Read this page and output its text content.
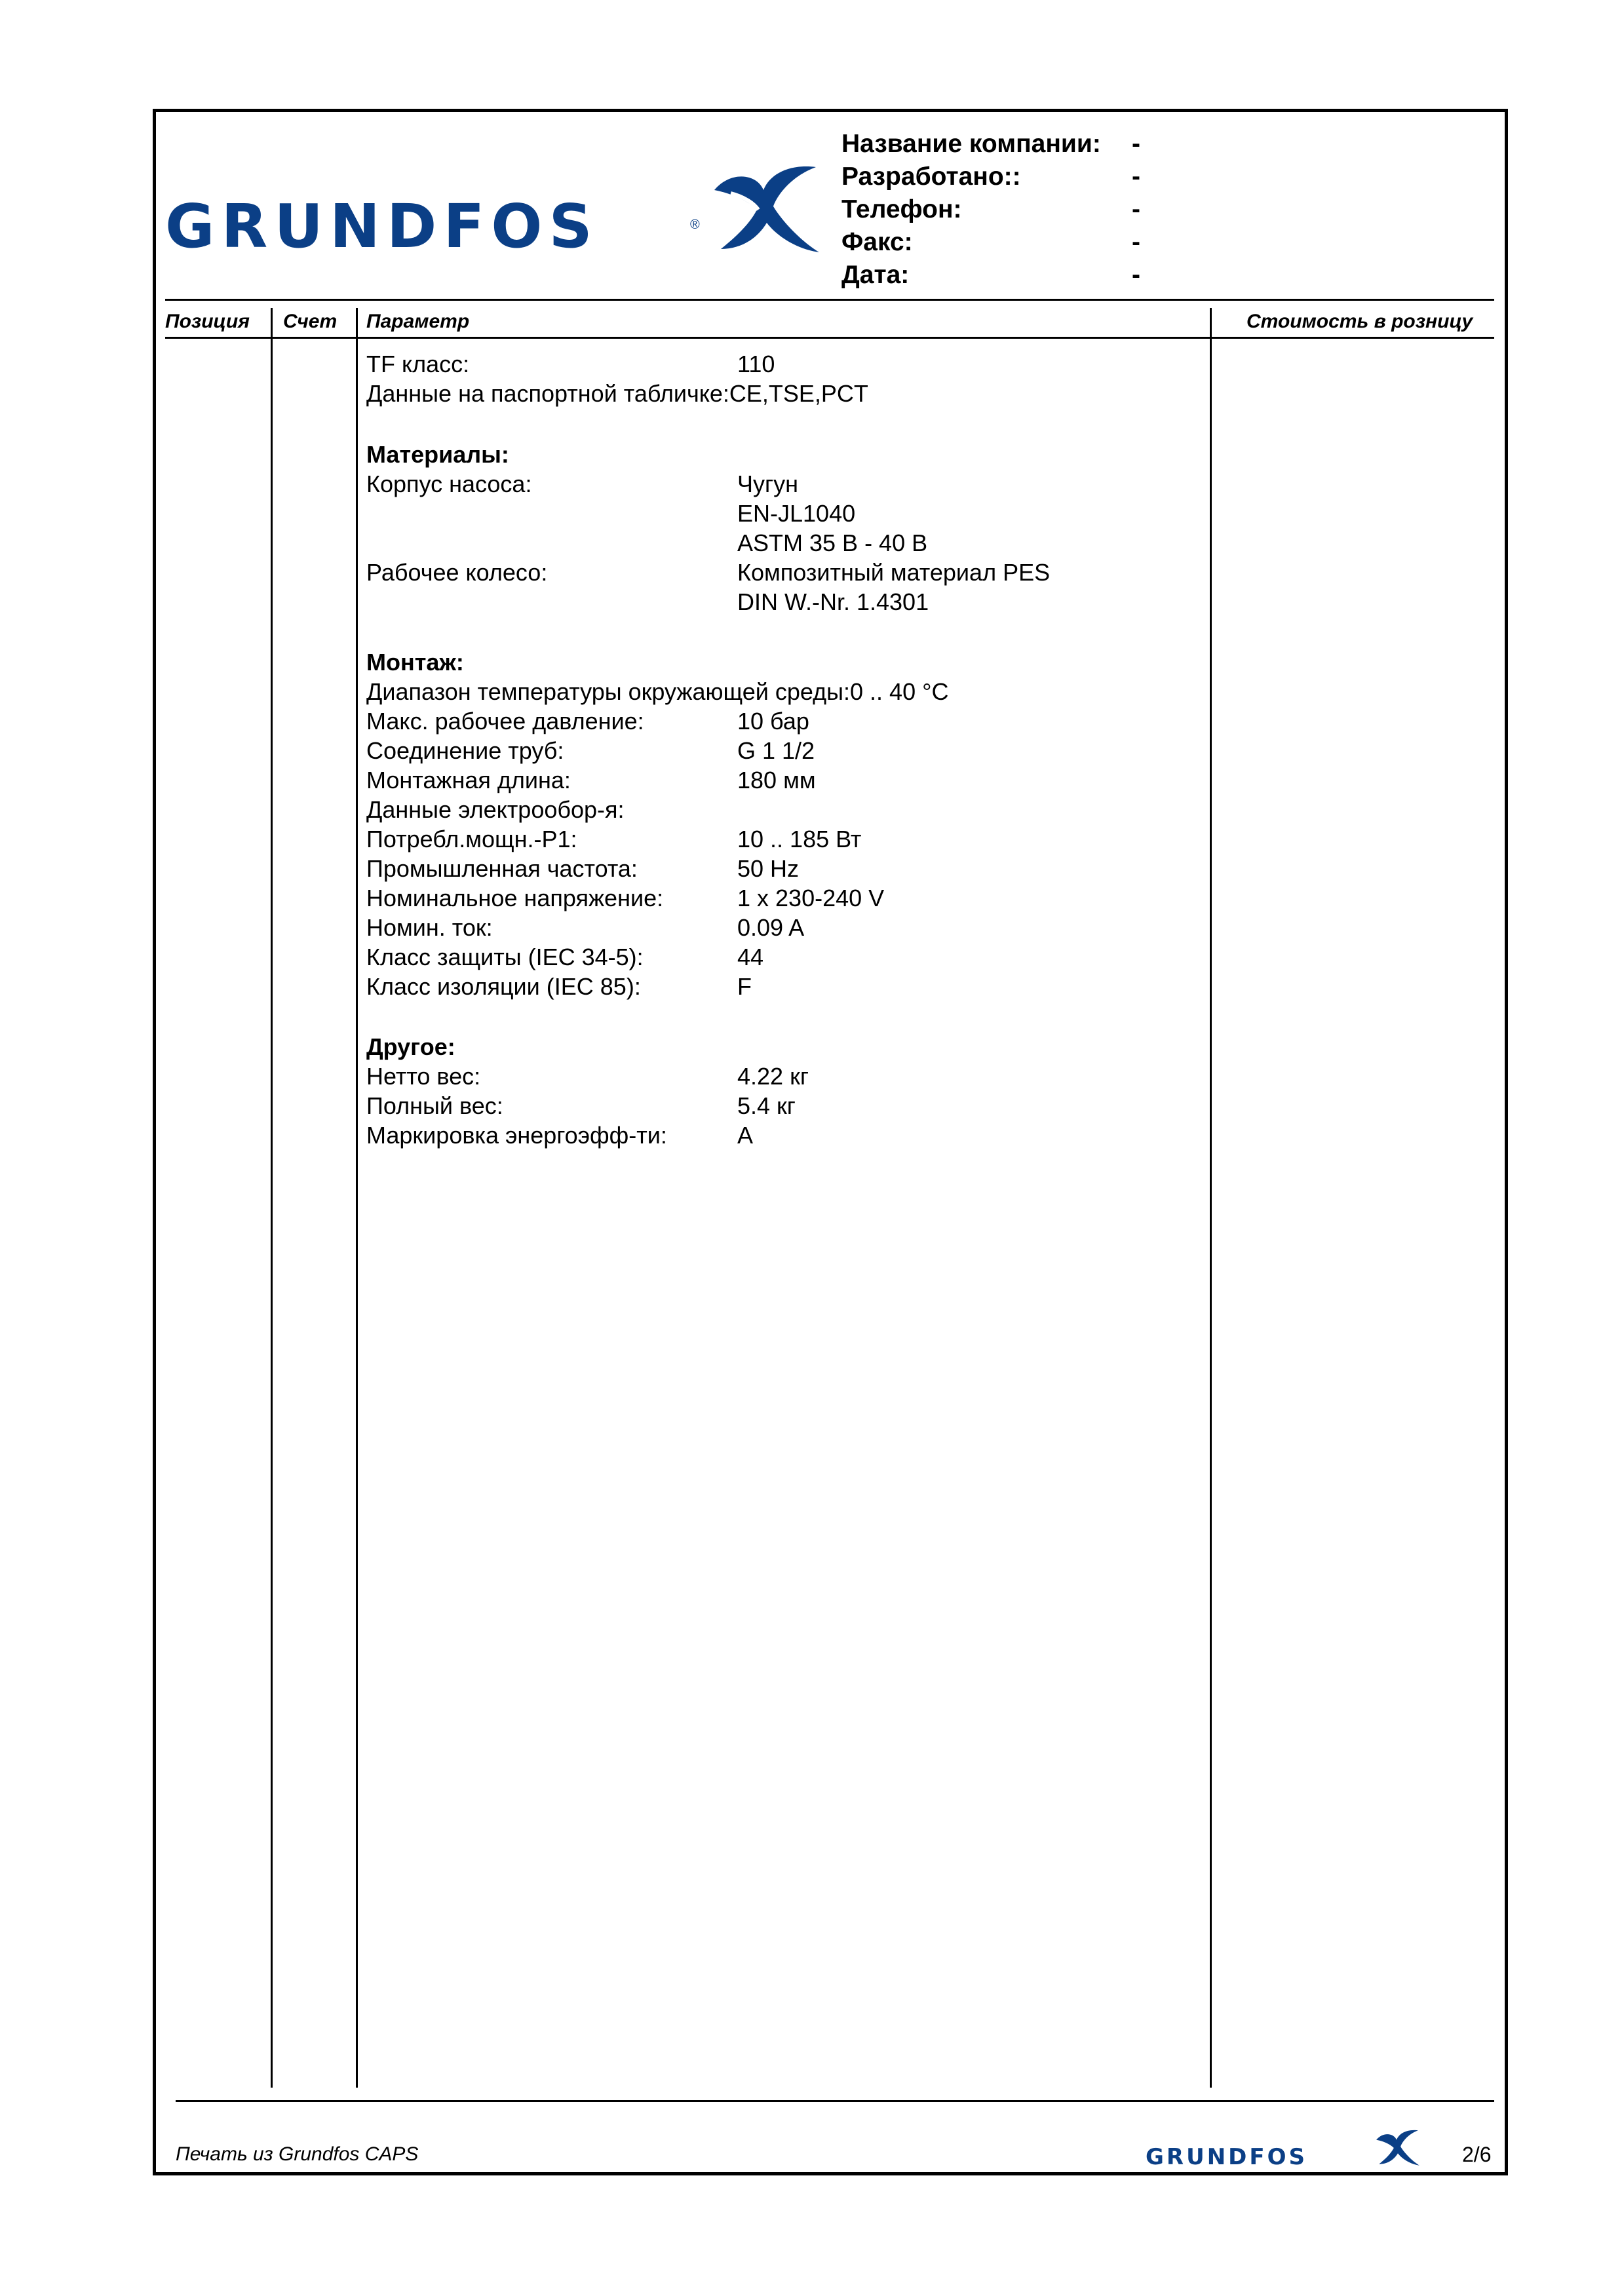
GRUNDFOS	®
Название компании: -
Разработано::	-
Телефон:	-
Факс:	-
Дата:	-
Позиция Счет Параметр	Стоимость в розницу
TF класс:	110
Данные на паспортной табличке:CE,TSE,PCT
Материалы:
Корпус насоса:	Чугун
EN-JL1040
ASTM 35 B - 40 B
Рабочее колесо:	Композитный материал PES
DIN W.-Nr. 1.4301
Монтаж:
Диапазон температуры окружающей среды:0 .. 40 °C
Макс. рабочее давление:	10 бар
Соединение труб:	G 1 1/2
Монтажная длина:	180 мм
Данные электрообор-я:
Потребл.мощн.-P1:	10 .. 185 Вт
Промышленная частота:	50 Hz
Номинальное напряжение:	1 x 230-240 V
Номин. ток:	0.09 A
Класс защиты (IEC 34-5):	44
Класс изоляции (IEC 85):	F
Другое:
Нетто вес:	4.22 кг
Полный вес:	5.4 кг
Маркировка энергоэфф-ти:	A
Печать из Grundfos CAPS	GRUNDFOS	2/6
